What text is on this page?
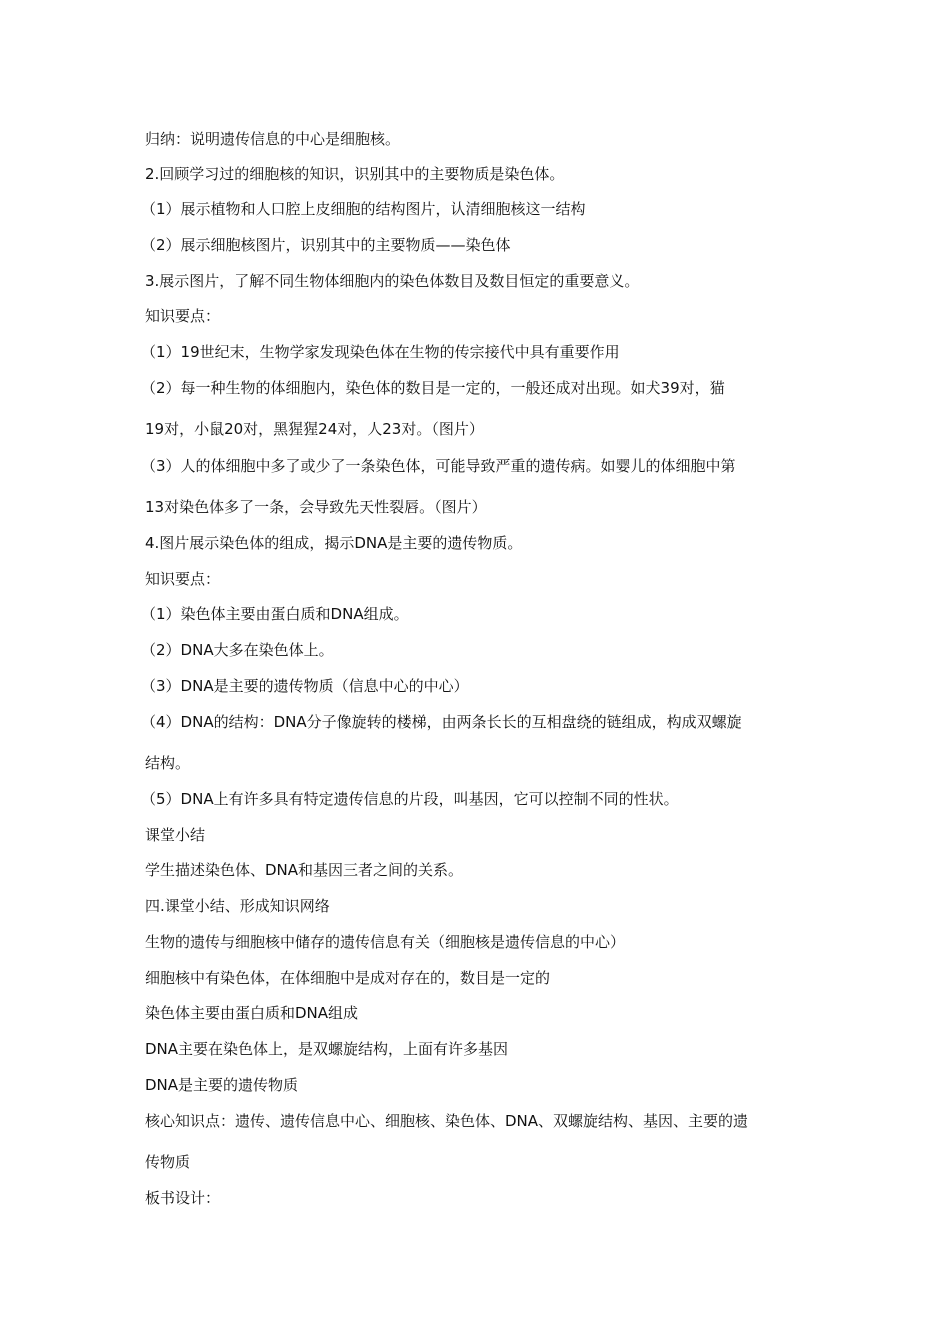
归纳：说明遗传信息的中心是细胞核。
2.回顾学习过的细胞核的知识，识别其中的主要物质是染色体。
（1）展示植物和人口腔上皮细胞的结构图片，认清细胞核这一结构
（2）展示细胞核图片，识别其中的主要物质——染色体
3.展示图片，了解不同生物体细胞内的染色体数目及数目恒定的重要意义。
知识要点：
（1）19世纪末，生物学家发现染色体在生物的传宗接代中具有重要作用
（2）每一种生物的体细胞内，染色体的数目是一定的，一般还成对出现。如犬39对，猫
19对，小鼠20对，黑猩猩24对，人23对。（图片）
（3）人的体细胞中多了或少了一条染色体，可能导致严重的遗传病。如婴儿的体细胞中第
13对染色体多了一条，会导致先天性裂唇。（图片）
4.图片展示染色体的组成，揭示DNA是主要的遗传物质。
知识要点：
（1）染色体主要由蛋白质和DNA组成。
（2）DNA大多在染色体上。
（3）DNA是主要的遗传物质（信息中心的中心）
（4）DNA的结构：DNA分子像旋转的楼梯，由两条长长的互相盘绕的链组成，构成双螺旋
结构。
（5）DNA上有许多具有特定遗传信息的片段，叫基因，它可以控制不同的性状。
课堂小结
学生描述染色体、DNA和基因三者之间的关系。
四.课堂小结、形成知识网络
生物的遗传与细胞核中储存的遗传信息有关（细胞核是遗传信息的中心）
细胞核中有染色体，在体细胞中是成对存在的，数目是一定的
染色体主要由蛋白质和DNA组成
DNA主要在染色体上，是双螺旋结构，上面有许多基因
DNA是主要的遗传物质
核心知识点：遗传、遗传信息中心、细胞核、染色体、DNA、双螺旋结构、基因、主要的遗
传物质
板书设计：
